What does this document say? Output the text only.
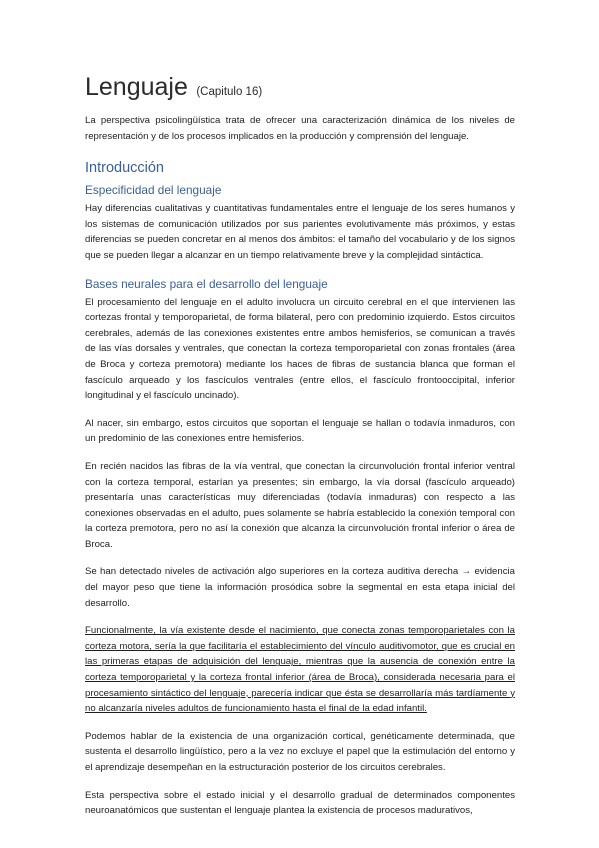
Lenguaje (Capitulo 16)

La perspectiva psicolingüística trata de ofrecer una caracterización dinámica de los niveles de representación y de los procesos implicados en la producción y comprensión del lenguaje.

Introducción
Especificidad del lenguaje

Hay diferencias cualitativas y cuantitativas fundamentales entre el lenguaje de los seres humanos y los sistemas de comunicación utilizados por sus parientes evolutivamente más próximos, y estas diferencias se pueden concretar en al menos dos ámbitos: el tamaño del vocabulario y de los signos que se pueden llegar a alcanzar en un tiempo relativamente breve y la complejidad sintáctica.

Bases neurales para el desarrollo del lenguaje

El procesamiento del lenguaje en el adulto involucra un circuito cerebral en el que intervienen las cortezas frontal y temporoparietal, de forma bilateral, pero con predominio izquierdo. Estos circuitos cerebrales, además de las conexiones existentes entre ambos hemisferios, se comunican a través de las vías dorsales y ventrales, que conectan la corteza temporoparietal con zonas frontales (área de Broca y corteza premotora) mediante los haces de fibras de sustancia blanca que forman el fascículo arqueado y los fascículos ventrales (entre ellos, el fascículo frontooccipital, inferior longitudinal y el fascículo uncinado).

Al nacer, sin embargo, estos circuitos que soportan el lenguaje se hallan o todavía inmaduros, con un predominio de las conexiones entre hemisferios.

En recién nacidos las fibras de la vía ventral, que conectan la circunvolución frontal inferior ventral con la corteza temporal, estarían ya presentes; sin embargo, la vía dorsal (fascículo arqueado) presentaría unas características muy diferenciadas (todavía inmaduras) con respecto a las conexiones observadas en el adulto, pues solamente se habría establecido la conexión temporal con la corteza premotora, pero no así la conexión que alcanza la circunvolución frontal inferior o área de Broca.

Se han detectado niveles de activación algo superiores en la corteza auditiva derecha → evidencia del mayor peso que tiene la información prosódica sobre la segmental en esta etapa inicial del desarrollo.

Funcionalmente, la vía existente desde el nacimiento, que conecta zonas temporoparietales con la corteza motora, sería la que facilitaría el establecimiento del vínculo auditivomotor, que es crucial en las primeras etapas de adquisición del lenguaje, mientras que la ausencia de conexión entre la corteza temporoparietal y la corteza frontal inferior (área de Broca), considerada necesaria para el procesamiento sintáctico del lenguaje, parecería indicar que ésta se desarrollaría más tardíamente y no alcanzaría niveles adultos de funcionamiento hasta el final de la edad infantil.

Podemos hablar de la existencia de una organización cortical, genéticamente determinada, que sustenta el desarrollo lingüístico, pero a la vez no excluye el papel que la estimulación del entorno y el aprendizaje desempeñan en la estructuración posterior de los circuitos cerebrales.

Esta perspectiva sobre el estado inicial y el desarrollo gradual de determinados componentes neuroanatómicos que sustentan el lenguaje plantea la existencia de procesos madurativos,
